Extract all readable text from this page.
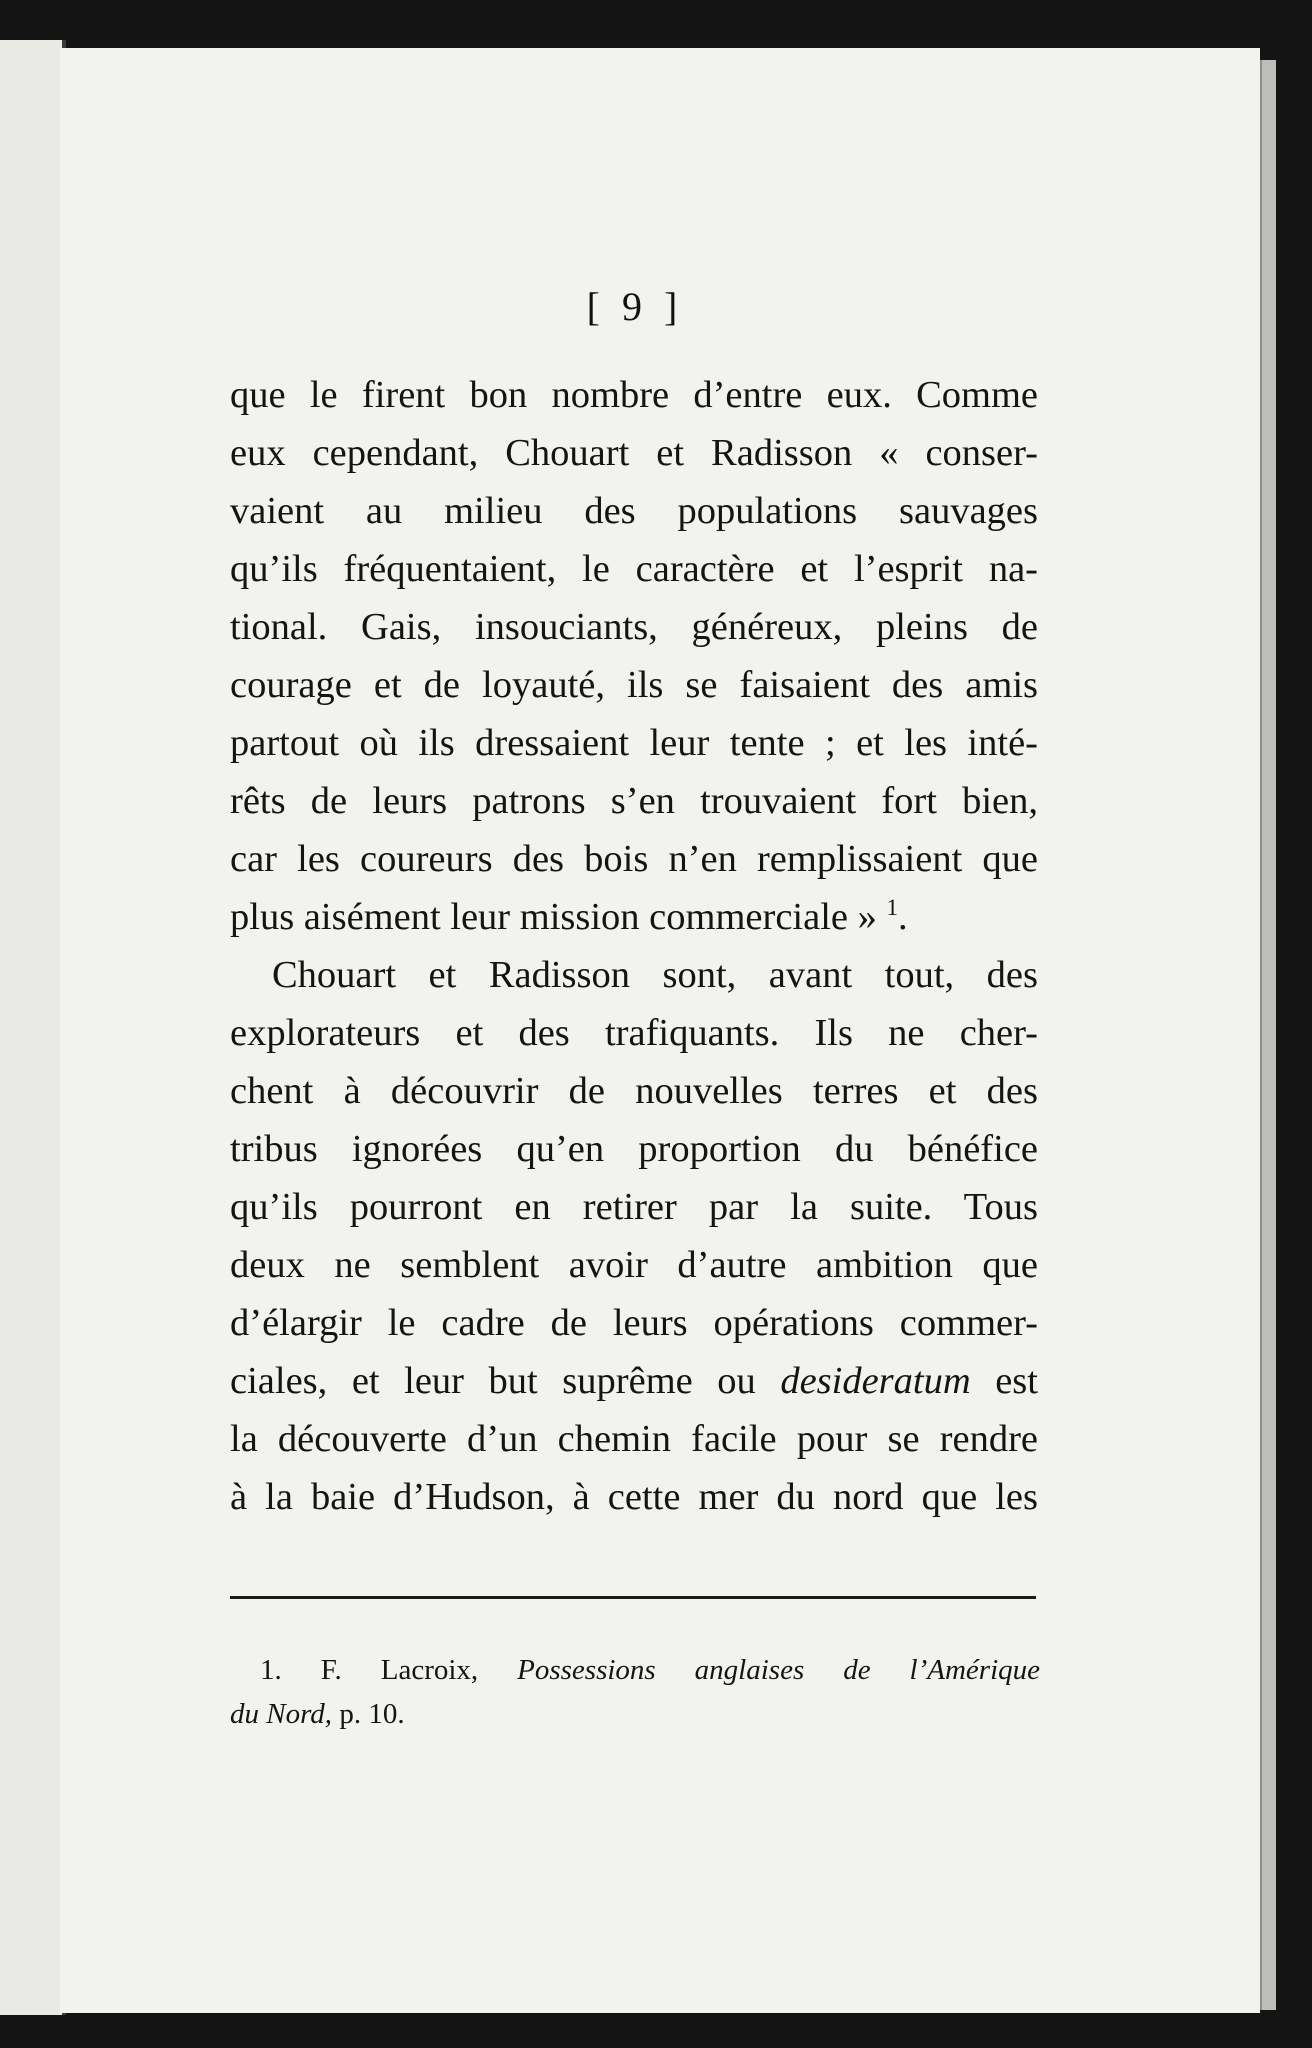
[ 9 ]
que le firent bon nombre d’entre eux. Comme
eux cependant, Chouart et Radisson « conser-
vaient au milieu des populations sauvages
qu’ils fréquentaient, le caractère et l’esprit na-
tional. Gais, insouciants, généreux, pleins de
courage et de loyauté, ils se faisaient des amis
partout où ils dressaient leur tente ; et les inté-
rêts de leurs patrons s’en trouvaient fort bien,
car les coureurs des bois n’en remplissaient que
plus aisément leur mission commerciale » $^1$.
Chouart et Radisson sont, avant tout, des
explorateurs et des trafiquants. Ils ne cher-
chent à découvrir de nouvelles terres et des
tribus ignorées qu’en proportion du bénéfice
qu’ils pourront en retirer par la suite. Tous
deux ne semblent avoir d’autre ambition que
d’élargir le cadre de leurs opérations commer-
ciales, et leur but suprême ou desideratum est
la découverte d’un chemin facile pour se rendre
à la baie d’Hudson, à cette mer du nord que les
1. F. Lacroix, Possessions anglaises de l’Amérique
du Nord, p. 10.
